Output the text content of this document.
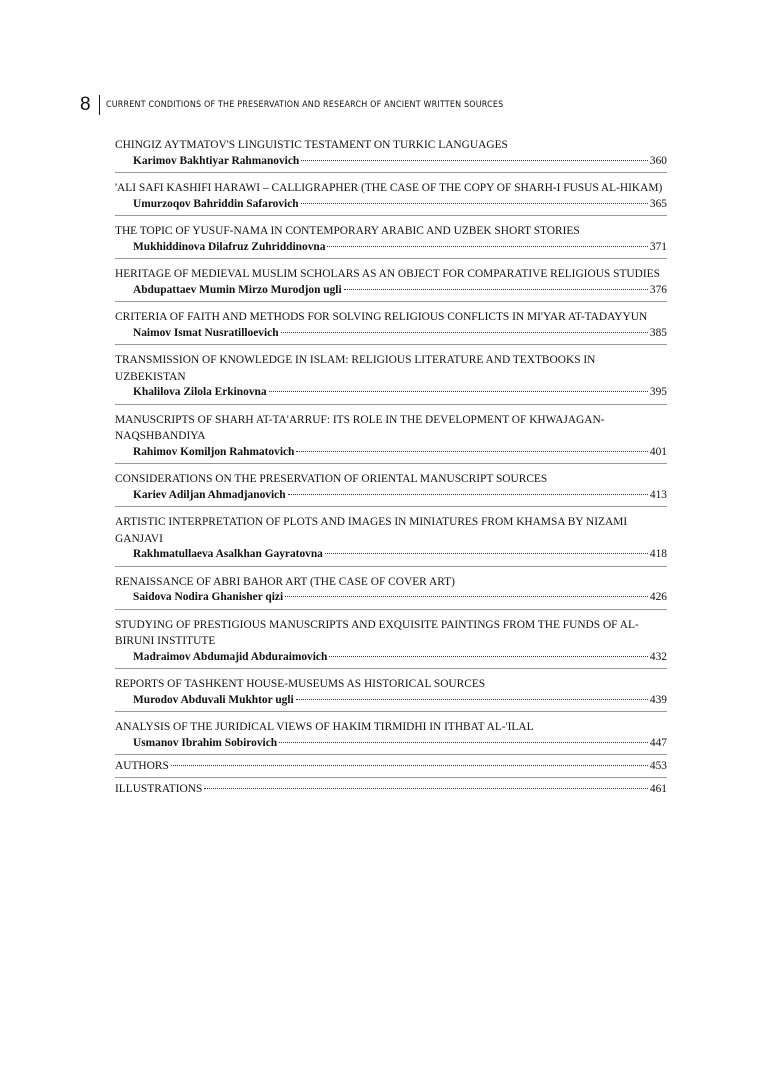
8 CURRENT CONDITIONS OF THE PRESERVATION AND RESEARCH OF ANCIENT WRITTEN SOURCES
CHINGIZ AYTMATOV'S LINGUISTIC TESTAMENT ON TURKIC LANGUAGES
Karimov Bakhtiyar Rahmanovich	360
'ALI SAFI KASHIFI HARAWI – CALLIGRAPHER (THE CASE OF THE COPY OF SHARH-I FUSUS AL-HIKAM)
Umurzoqov Bahriddin Safarovich	365
THE TOPIC OF YUSUF-NAMA IN CONTEMPORARY ARABIC AND UZBEK SHORT STORIES
Mukhiddinova Dilafruz Zuhriddinovna	371
HERITAGE OF MEDIEVAL MUSLIM SCHOLARS AS AN OBJECT FOR COMPARATIVE RELIGIOUS STUDIES
Abdupattaev Mumin Mirzo Murodjon ugli	376
CRITERIA OF FAITH AND METHODS FOR SOLVING RELIGIOUS CONFLICTS IN MI'YAR AT-TADAYYUN
Naimov Ismat Nusratilloevich	385
TRANSMISSION OF KNOWLEDGE IN ISLAM: RELIGIOUS LITERATURE AND TEXTBOOKS IN UZBEKISTAN
Khalilova Zilola Erkinovna	395
MANUSCRIPTS OF SHARH AT-TA'ARRUF: ITS ROLE IN THE DEVELOPMENT OF KHWAJAGAN-NAQSHBANDIYA
Rahimov Komiljon Rahmatovich	401
CONSIDERATIONS ON THE PRESERVATION OF ORIENTAL MANUSCRIPT SOURCES
Kariev Adiljan Ahmadjanovich	413
ARTISTIC INTERPRETATION OF PLOTS AND IMAGES IN MINIATURES FROM KHAMSA BY NIZAMI GANJAVI
Rakhmatullaeva Asalkhan Gayratovna	418
RENAISSANCE OF ABRI BAHOR ART (THE CASE OF COVER ART)
Saidova Nodira Ghanisher qizi	426
STUDYING OF PRESTIGIOUS MANUSCRIPTS AND EXQUISITE PAINTINGS FROM THE FUNDS OF AL-BIRUNI INSTITUTE
Madraimov Abdumajid Abduraimovich	432
REPORTS OF TASHKENT HOUSE-MUSEUMS AS HISTORICAL SOURCES
Murodov Abduvali Mukhtor ugli	439
ANALYSIS OF THE JURIDICAL VIEWS OF HAKIM TIRMIDHI IN ITHBAT AL-'ILAL
Usmanov Ibrahim Sobirovich	447
AUTHORS	453
ILLUSTRATIONS	461
